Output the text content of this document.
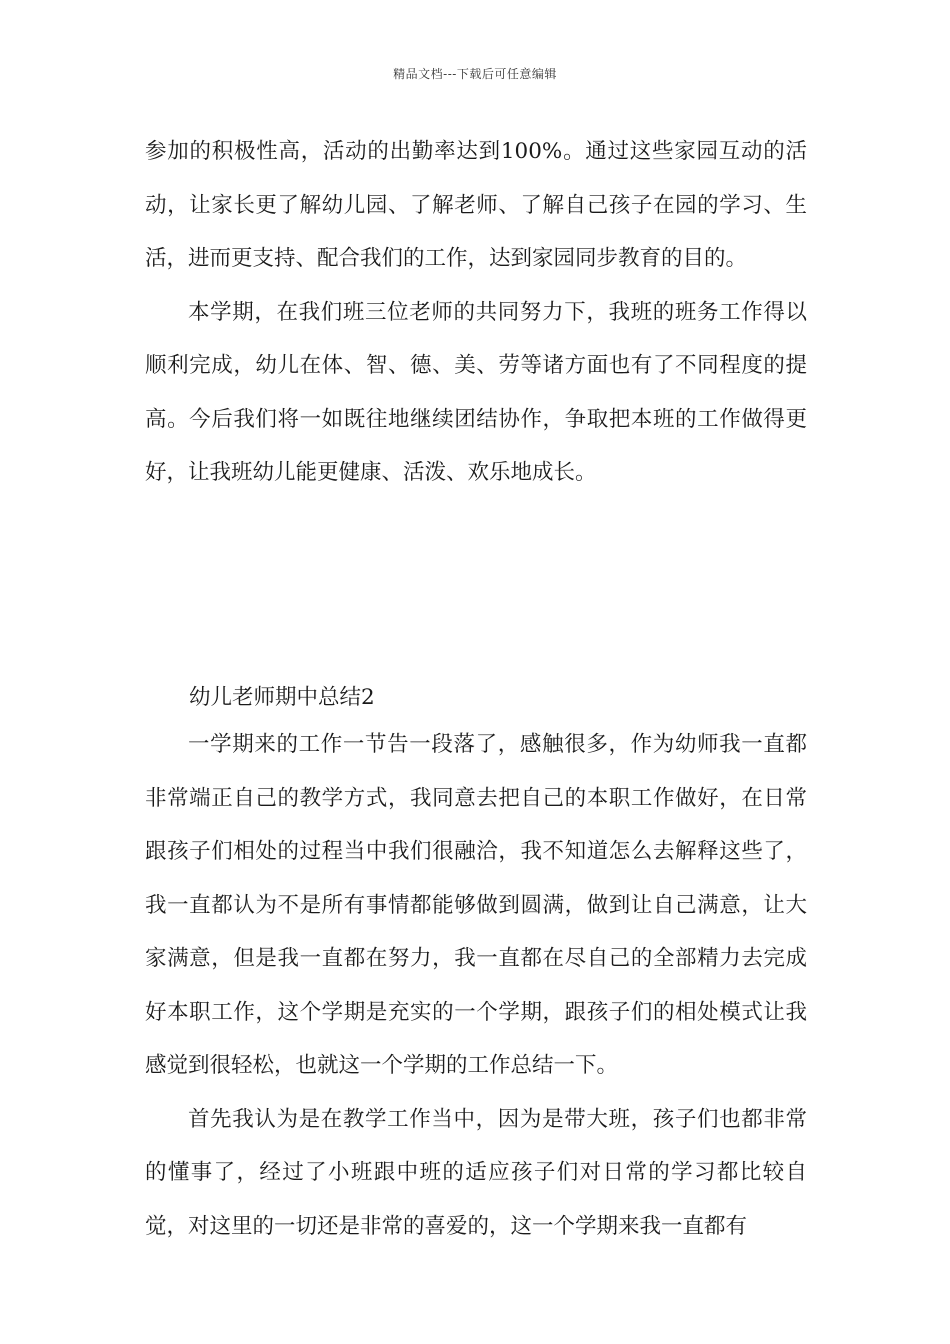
精品文档---下载后可任意编辑

参加的积极性高，活动的出勤率达到100%。通过这些家园互动的活动，让家长更了解幼儿园、了解老师、了解自己孩子在园的学习、生活，进而更支持、配合我们的工作，达到家园同步教育的目的。

本学期，在我们班三位老师的共同努力下，我班的班务工作得以顺利完成，幼儿在体、智、德、美、劳等诸方面也有了不同程度的提高。今后我们将一如既往地继续团结协作，争取把本班的工作做得更好，让我班幼儿能更健康、活泼、欢乐地成长。

幼儿老师期中总结2

一学期来的工作一节告一段落了，感触很多，作为幼师我一直都非常端正自己的教学方式，我同意去把自己的本职工作做好，在日常跟孩子们相处的过程当中我们很融洽，我不知道怎么去解释这些了，我一直都认为不是所有事情都能够做到圆满，做到让自己满意，让大家满意，但是我一直都在努力，我一直都在尽自己的全部精力去完成好本职工作，这个学期是充实的一个学期，跟孩子们的相处模式让我感觉到很轻松，也就这一个学期的工作总结一下。

首先我认为是在教学工作当中，因为是带大班，孩子们也都非常的懂事了，经过了小班跟中班的适应孩子们对日常的学习都比较自觉，对这里的一切还是非常的喜爱的，这一个学期来我一直都有
